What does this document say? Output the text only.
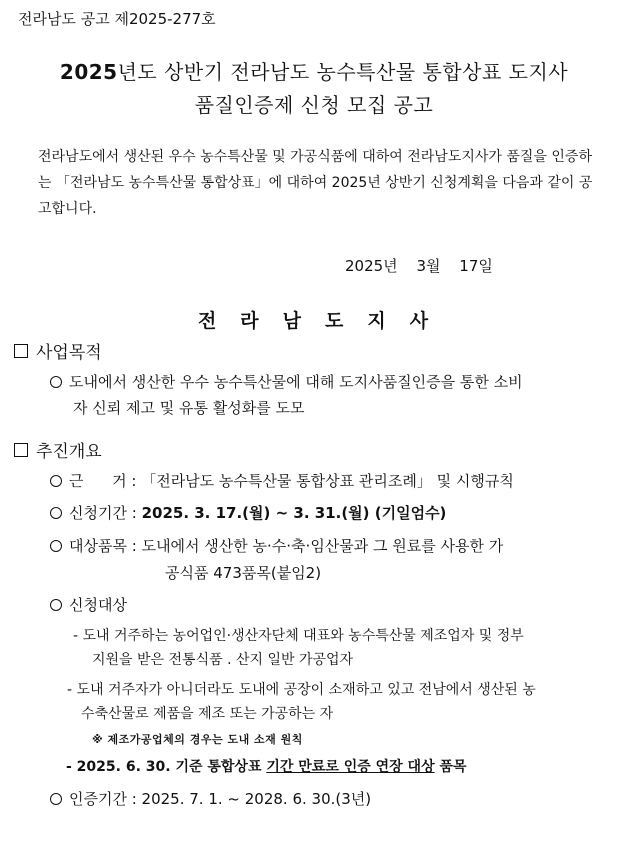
전라남도 공고 제2025-277호
2025년도 상반기 전라남도 농수특산물 통합상표 도지사
품질인증제 신청 모집 공고
전라남도에서 생산된 우수 농수특산물 및 가공식품에 대하여 전라남도지사가 품질을 인증하는 「전라남도 농수특산물 통합상표」에 대하여 2025년 상반기 신청계획을 다음과 같이 공고합니다.
2025년 3월 17일
전라남도지사
사업목적
도내에서 생산한 우수 농수특산물에 대해 도지사품질인증을 통한 소비
자 신뢰 제고 및 유통 활성화를 도모
추진개요
근      거 : 「전라남도 농수특산물 통합상표 관리조례」 및 시행규칙
신청기간 : 2025. 3. 17.(월) ~ 3. 31.(월) (기일엄수)
대상품목 : 도내에서 생산한 농·수·축·임산물과 그 원료를 사용한 가
공식품 473품목(붙임2)
신청대상
- 도내 거주하는 농어업인·생산자단체 대표와 농수특산물 제조업자 및 정부
지원을 받은 전통식품 . 산지 일반 가공업자
- 도내 거주자가 아니더라도 도내에 공장이 소재하고 있고 전남에서 생산된 농
수축산물로 제품을 제조 또는 가공하는 자
※ 제조가공업체의 경우는 도내 소재 원칙
- 2025. 6. 30. 기준 통합상표 기간 만료로 인증 연장 대상 품목
인증기간 : 2025. 7. 1. ~ 2028. 6. 30.(3년)
